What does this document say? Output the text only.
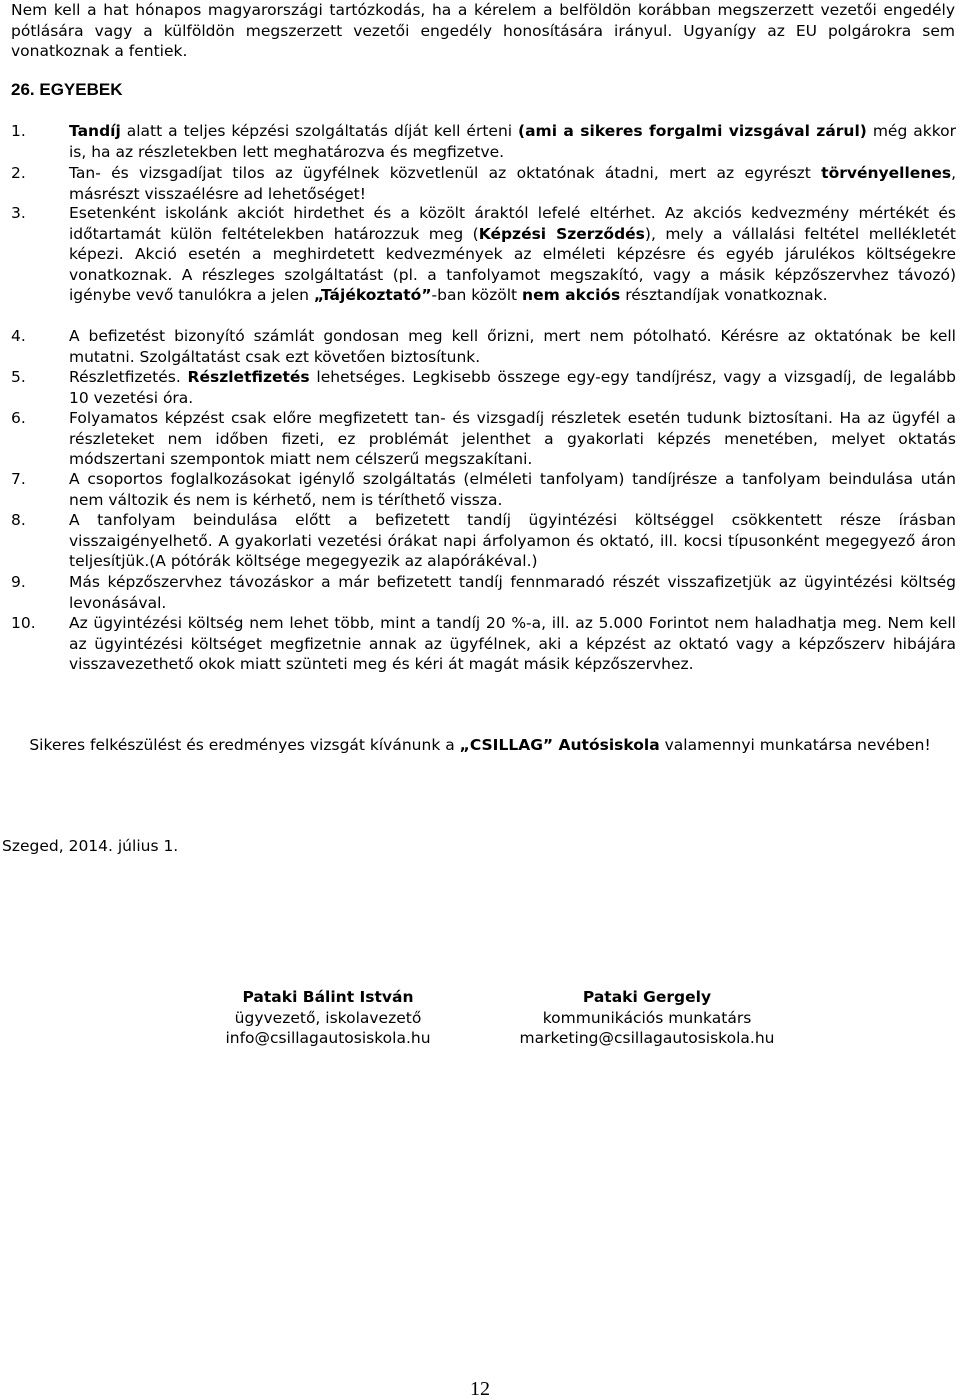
Nem kell a hat hónapos magyarországi tartózkodás, ha a kérelem a belföldön korábban megszerzett vezetői engedély pótlására vagy a külföldön megszerzett vezetői engedély honosítására irányul. Ugyanígy az EU polgárokra sem vonatkoznak a fentiek.
26. EGYEBEK
1.	Tandíj alatt a teljes képzési szolgáltatás díját kell érteni (ami a sikeres forgalmi vizsgával zárul) még akkor is, ha az részletekben lett meghatározva és megfizetve.
2.	Tan- és vizsgadíjat tilos az ügyfélnek közvetlenül az oktatónak átadni, mert az egyrészt törvényellenes, másrészt visszaélésre ad lehetőséget!
3.	Esetenként iskolánk akciót hirdethet és a közölt áraktól lefelé eltérhet. Az akciós kedvezmény mértékét és időtartamát külön feltételekben határozzuk meg (Képzési Szerződés), mely a vállalási feltétel mellékletét képezi. Akció esetén a meghirdetett kedvezmények az elméleti képzésre és egyéb járulékos költségekre vonatkoznak. A részleges szolgáltatást (pl. a tanfolyamot megszakító, vagy a másik képzőszervhez távozó) igénybe vevő tanulókra a jelen „Tájékoztató”-ban közölt nem akciós résztandíjak vonatkoznak.
4.	A befizetést bizonyító számlát gondosan meg kell őrizni, mert nem pótolható. Kérésre az oktatónak be kell mutatni. Szolgáltatást csak ezt követően biztosítunk.
5.	Részletfizetés. Részletfizetés lehetséges. Legkisebb összege egy-egy tandíjrész, vagy a vizsgadíj, de legalább 10 vezetési óra.
6.	Folyamatos képzést csak előre megfizetett tan- és vizsgadíj részletek esetén tudunk biztosítani. Ha az ügyfél a részleteket nem időben fizeti, ez problémát jelenthet a gyakorlati képzés menetében, melyet oktatás módszertani szempontok miatt nem célszerű megszakítani.
7.	A csoportos foglalkozásokat igénylő szolgáltatás (elméleti tanfolyam) tandíjrésze a tanfolyam beindulása után nem változik és nem is kérhető, nem is téríthető vissza.
8.	A tanfolyam beindulása előtt a befizetett tandíj ügyintézési költséggel csökkentett része írásban visszaigényelhető. A gyakorlati vezetési órákat napi árfolyamon és oktató, ill. kocsi típusonként megegyező áron teljesítjük.(A pótórák költsége megegyezik az alapórákéval.)
9.	Más képzőszervhez távozáskor a már befizetett tandíj fennmaradó részét visszafizetjük az ügyintézési költség levonásával.
10. Az ügyintézési költség nem lehet több, mint a tandíj 20 %-a, ill. az 5.000 Forintot nem haladhatja meg. Nem kell az ügyintézési költséget megfizetnie annak az ügyfélnek, aki a képzést az oktató vagy a képzőszerv hibájára visszavezethető okok miatt szünteti meg és kéri át magát másik képzőszervhez.
Sikeres felkészülést és eredményes vizsgát kívánunk a „CSILLAG” Autósiskola valamennyi munkatársa nevében!
Szeged, 2014. július 1.
Pataki Bálint István
ügyvezető, iskolavezető
info@csillagautosiskola.hu
Pataki Gergely
kommunikációs munkatárs
marketing@csillagautosiskola.hu
12
